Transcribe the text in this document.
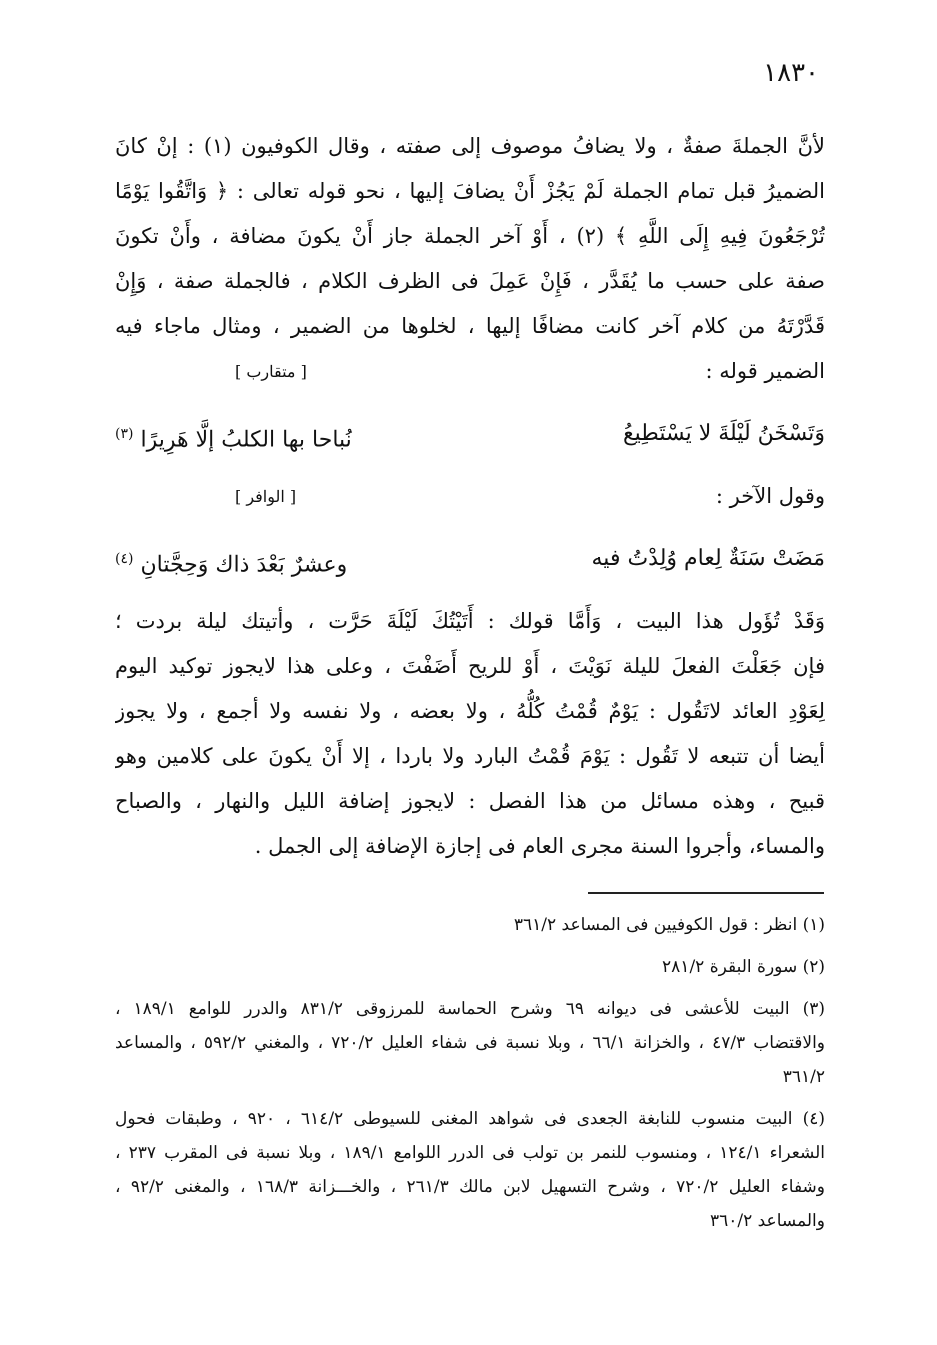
١٨٣٠
لأنَّ الجملةَ صفةٌ ، ولا يضافُ موصوف إلى صفته ، وقال الكوفيون (١) : إنْ كانَ
الضميرُ قبل تمام الجملة لَمْ يَجُزْ أَنْ يضافَ إليها ، نحو قوله تعالى : ﴿ وَاتَّقُوا يَوْمًا
تُرْجَعُونَ فِيهِ إِلَى اللَّهِ ﴾ (٢) ، أَوْ آخر الجملة جاز أَنْ يكونَ مضافة ، وأَنْ تكونَ
صفة على حسب ما يُقَدَّر ، فَإِنْ عَمِلَ فى الظرف الكلام ، فالجملة صفة ، وَإِنْ
قَدَّرْتَهُ من كلام آخر كانت مضافًا إليها ، لخلوها من الضمير ، ومثال ماجاء فيه
الضمير قوله :
[ متقارب ]
وَتَسْخَنُ لَيْلَةَ لا يَسْتَطِيعُ
نُباحا بها الكلبُ إلَّا هَرِيرًا $^{(٣)}$
وقول الآخر :
[ الوافر ]
مَضَتْ سَنَةٌ لِعام وُلِدْتُ فيه
وعشرٌ بَعْدَ ذاك وَحِجَّتانِ $^{(٤)}$
وَقَدْ تُؤَول هذا البيت ، وَأَمَّا قولك : أَتَيْتُكَ لَيْلَةَ حَرَّت ، وأتيتك ليلة بردت ؛
فإن جَعَلْتَ الفعلَ لليلة نَوَيْتَ ، أَوْ للريح أَضَفْتَ ، وعلى هذا لايجوز توكيد اليوم
لِعَوْدِ العائد لاتَقُول : يَوْمٌ قُمْتُ كُلُّهُ ، ولا بعضه ، ولا نفسه ولا أجمع ، ولا يجوز
أيضا أن تتبعه لا تَقُول : يَوْمَ قُمْتُ البارد ولا باردا ، إلا أَنْ يكونَ على كلامين وهو
قبيح ، وهذه مسائل من هذا الفصل : لايجوز إضافة الليل والنهار ، والصباح
والمساء، وأجروا السنة مجرى العام فى إجازة الإضافة إلى الجمل .
(١) انظر : قول الكوفيين فى المساعد ٣٦١/٢
(٢) سورة البقرة ٢٨١/٢
(٣) البيت للأعشى فى ديوانه ٦٩ وشرح الحماسة للمرزوقى ٨٣١/٢ والدرر للوامع ١٨٩/١ ،
والاقتضاب ٤٧/٣ ، والخزانة ٦٦/١ ، وبلا نسبة فى شفاء العليل ٧٢٠/٢ ، والمغني ٥٩٢/٢ ، والمساعد
٣٦١/٢
(٤) البيت منسوب للنابغة الجعدى فى شواهد المغنى للسيوطى ٦١٤/٢ ، ٩٢٠ ، وطبقات فحول
الشعراء ١٢٤/١ ، ومنسوب للنمر بن تولب فى الدرر اللوامع ١٨٩/١ ، وبلا نسبة فى المقرب ٢٣٧ ،
وشفاء العليل ٧٢٠/٢ ، وشرح التسهيل لابن مالك ٢٦١/٣ ، والخـــزانة ١٦٨/٣ ، والمغنى ٩٢/٢ ،
والمساعد ٣٦٠/٢
